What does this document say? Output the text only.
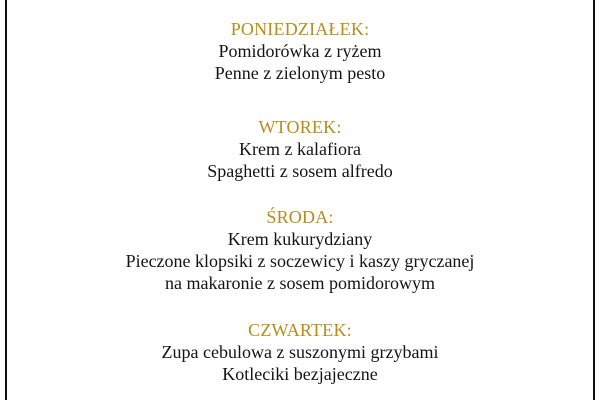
PONIEDZIAŁEK:
Pomidorówka z ryżem
Penne z zielonym pesto
WTOREK:
Krem z kalafiora
Spaghetti z sosem alfredo
ŚRODA:
Krem kukurydziany
Pieczone klopsiki z soczewicy i kaszy gryczanej
na makaronie z sosem pomidorowym
CZWARTEK:
Zupa cebulowa z suszonymi grzybami
Kotleciki bezjajeczne
